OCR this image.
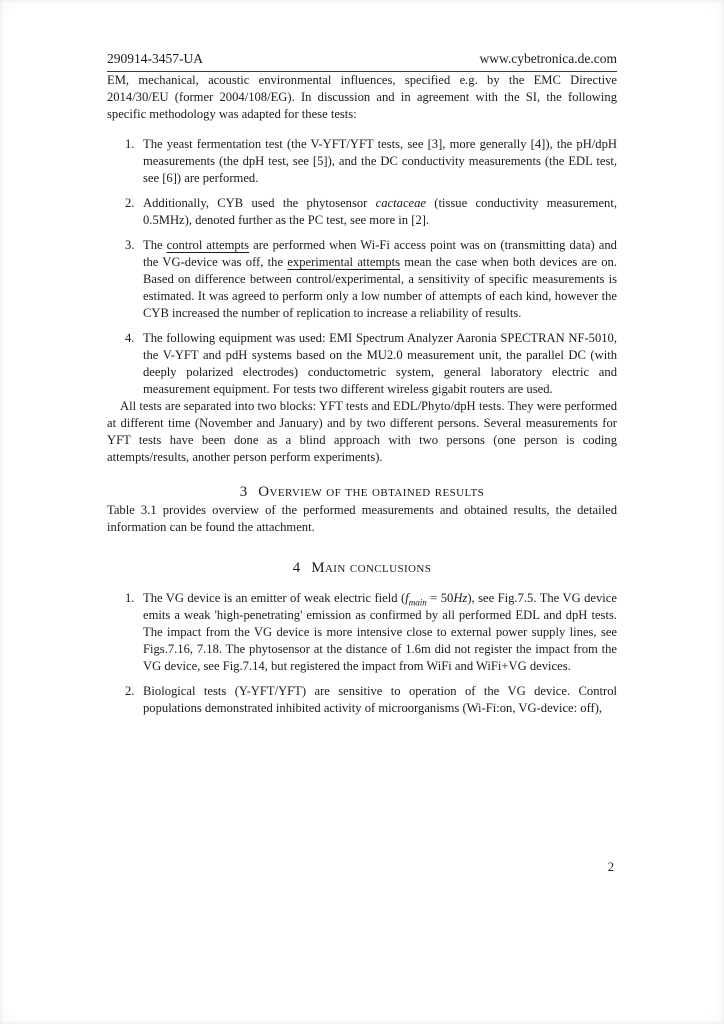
290914-3457-UA	www.cybetronica.de.com

EM, mechanical, acoustic environmental influences, specified e.g. by the EMC Directive 2014/30/EU (former 2004/108/EG). In discussion and in agreement with the SI, the following specific methodology was adapted for these tests:

1. The yeast fermentation test (the V-YFT/YFT tests, see [3], more generally [4]), the pH/dpH measurements (the dpH test, see [5]), and the DC conductivity measurements (the EDL test, see [6]) are performed.
2. Additionally, CYB used the phytosensor cactaceae (tissue conductivity measurement, 0.5MHz), denoted further as the PC test, see more in [2].
3. The control attempts are performed when Wi-Fi access point was on (transmitting data) and the VG-device was off, the experimental attempts mean the case when both devices are on. Based on difference between control/experimental, a sensitivity of specific measurements is estimated. It was agreed to perform only a low number of attempts of each kind, however the CYB increased the number of replication to increase a reliability of results.
4. The following equipment was used: EMI Spectrum Analyzer Aaronia SPECTRAN NF-5010, the V-YFT and pdH systems based on the MU2.0 measurement unit, the parallel DC (with deeply polarized electrodes) conductometric system, general laboratory electric and measurement equipment. For tests two different wireless gigabit routers are used.

All tests are separated into two blocks: YFT tests and EDL/Phyto/dpH tests. They were performed at different time (November and January) and by two different persons. Several measurements for YFT tests have been done as a blind approach with two persons (one person is coding attempts/results, another person perform experiments).

3 Overview of the obtained results

Table 3.1 provides overview of the performed measurements and obtained results, the detailed information can be found the attachment.

4 Main conclusions
1. The VG device is an emitter of weak electric field $(f_{main} = 50Hz)$, see Fig.7.5. The VG device emits a weak 'high-penetrating' emission as confirmed by all performed EDL and dpH tests. The impact from the VG device is more intensive close to external power supply lines, see Figs.7.16, 7.18. The phytosensor at the distance of 1.6m did not register the impact from the VG device, see Fig.7.14, but registered the impact from WiFi and WiFi+VG devices.
2. Biological tests (Y-YFT/YFT) are sensitive to operation of the VG device. Control populations demonstrated inhibited activity of microorganisms (Wi-Fi:on, VG-device: off),
2
